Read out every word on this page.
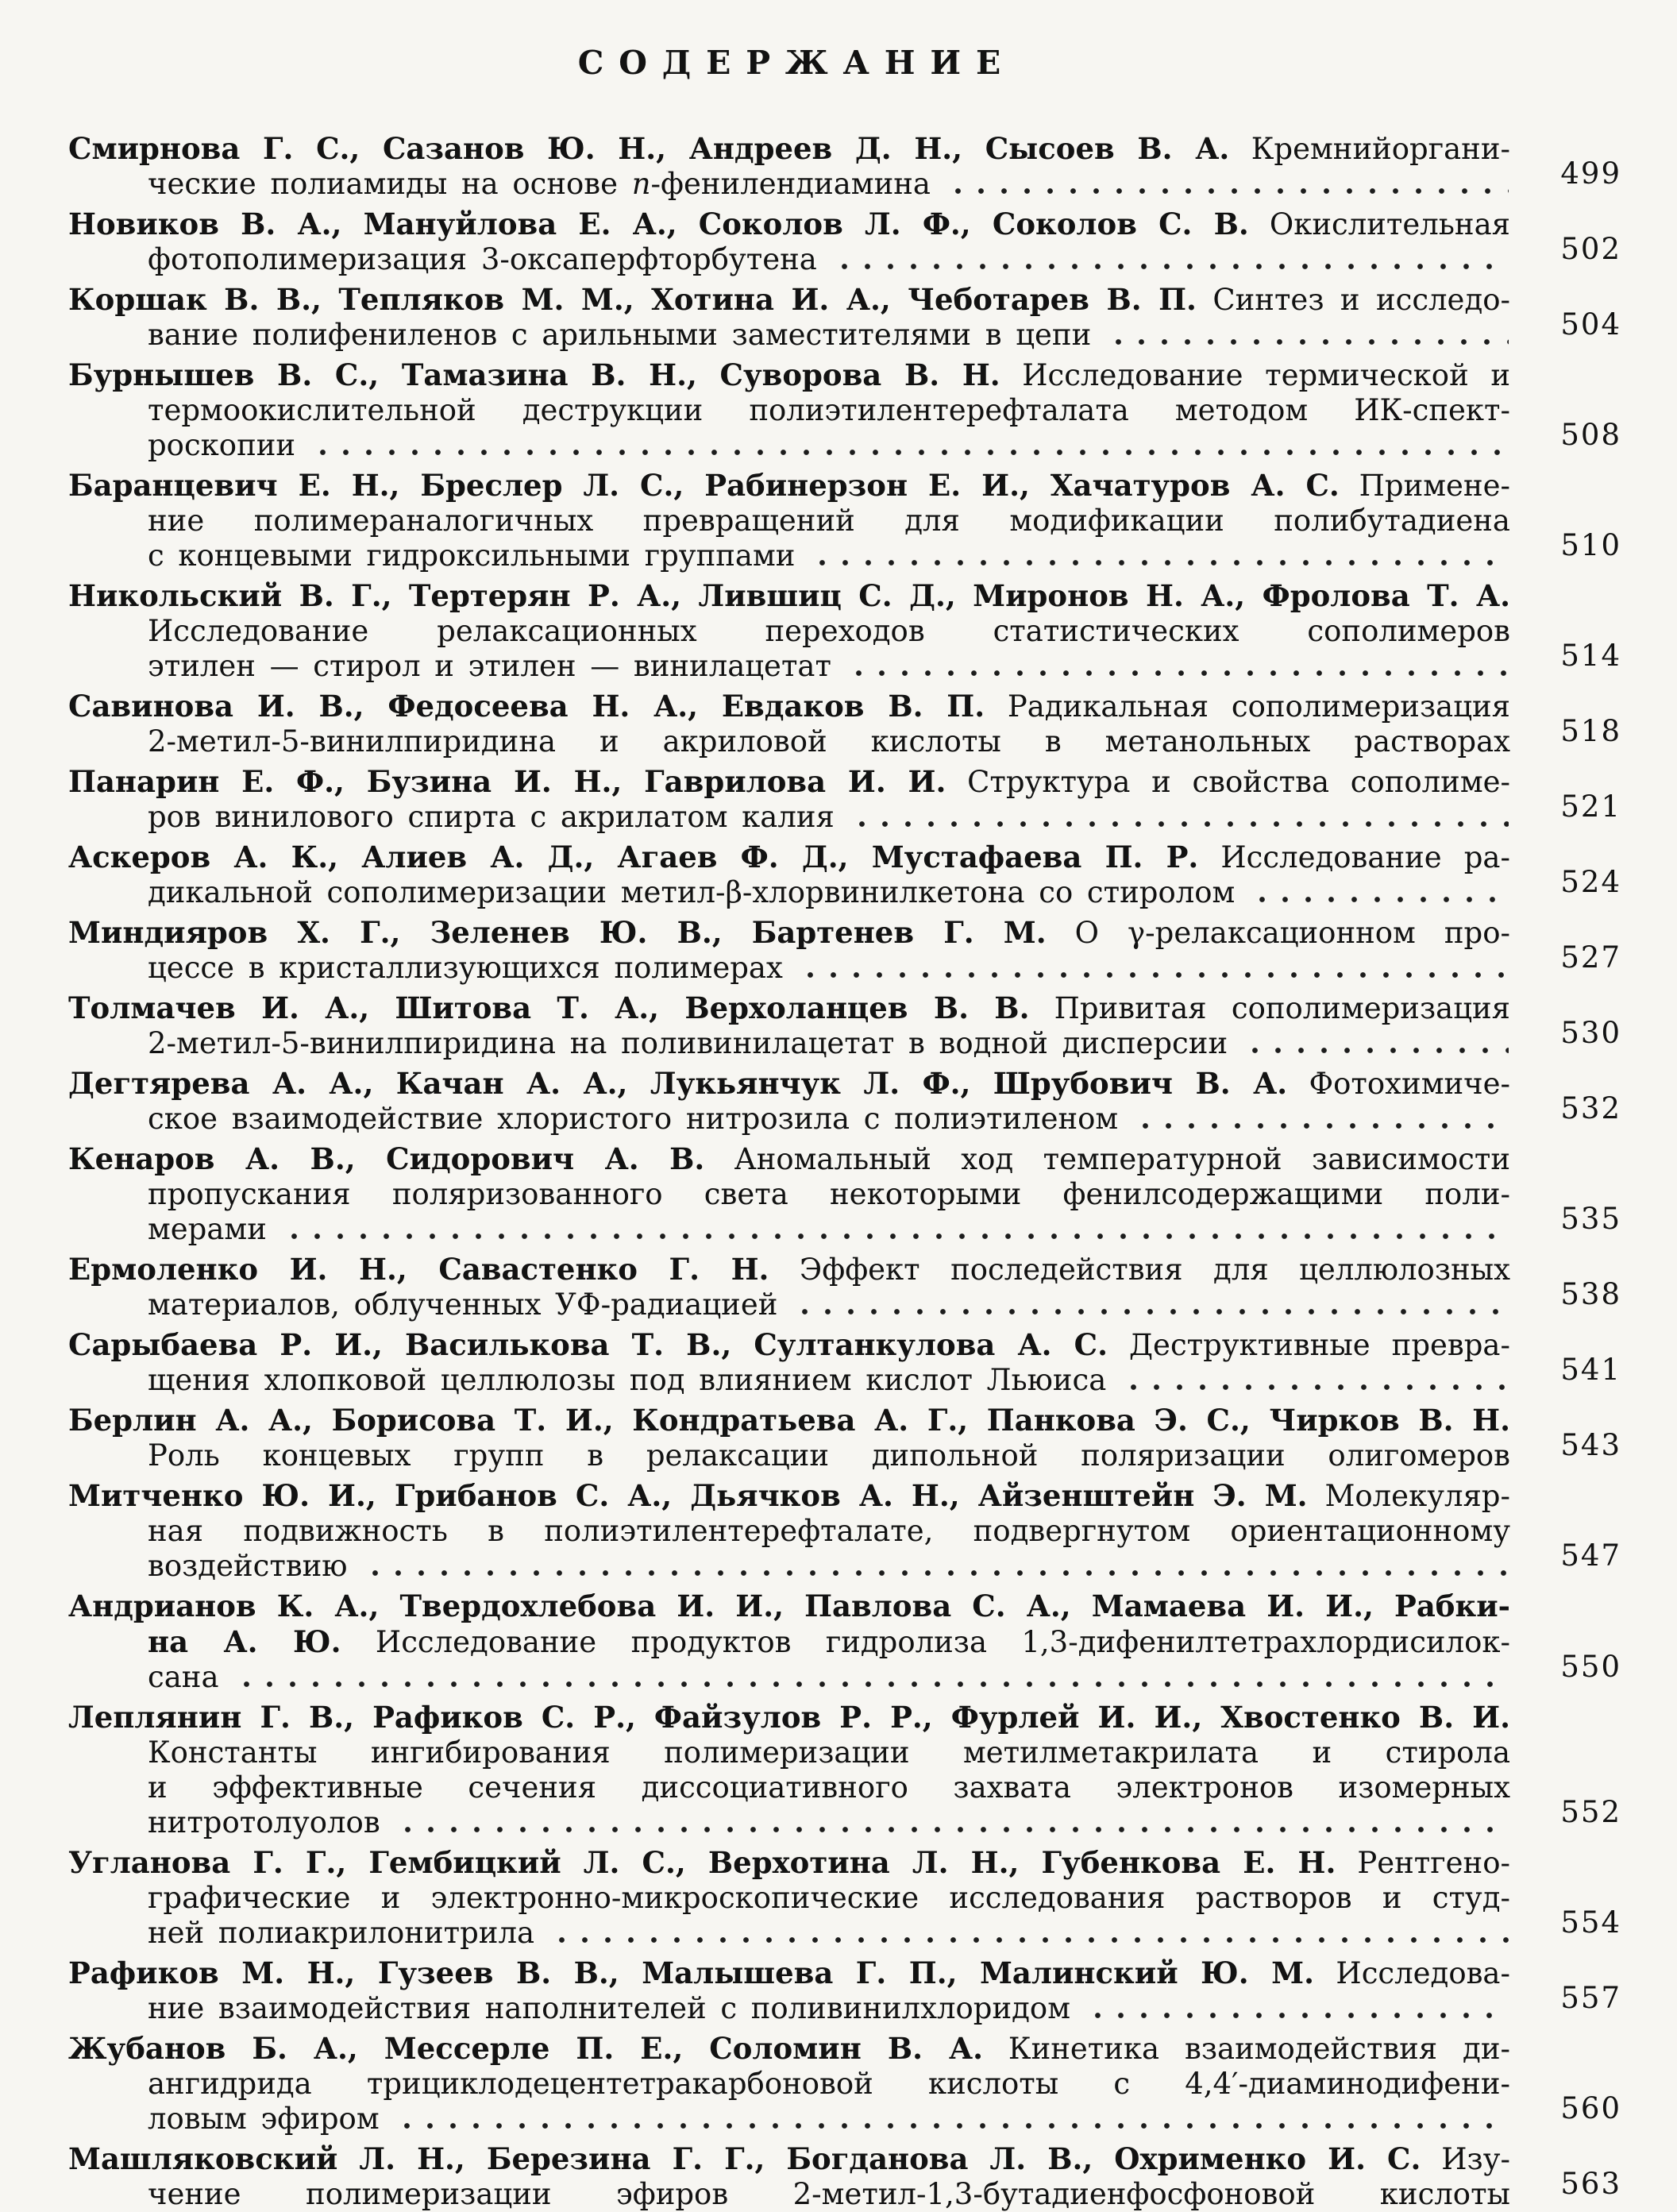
СОДЕРЖАНИЕ
Смирнова Г. С., Сазанов Ю. Н., Андреев Д. Н., Сысоев В. А. Кремнийоргани-
ческие полиамиды на основе n-фенилендиамина	499
Новиков В. А., Мануйлова Е. А., Соколов Л. Ф., Соколов С. В. Окислительная
фотополимеризация 3-оксаперфторбутена	502
Коршак В. В., Тепляков М. М., Хотина И. А., Чеботарев В. П. Синтез и исследо-
вание полифениленов с арильными заместителями в цепи	504
Бурнышев В. С., Тамазина В. Н., Суворова В. Н. Исследование термической и
термоокислительной деструкции полиэтилентерефталата методом ИК-спект-
роскопии	508
Баранцевич Е. Н., Бреслер Л. С., Рабинерзон Е. И., Хачатуров А. С. Примене-
ние полимераналогичных превращений для модификации полибутадиена
с концевыми гидроксильными группами	510
Никольский В. Г., Тертерян Р. А., Лившиц С. Д., Миронов Н. А., Фролова Т. А.
Исследование релаксационных переходов статистических сополимеров
этилен — стирол и этилен — винилацетат	514
Савинова И. В., Федосеева Н. А., Евдаков В. П. Радикальная сополимеризация
2-метил-5-винилпиридина и акриловой кислоты в метанольных растворах	518
Панарин Е. Ф., Бузина И. Н., Гаврилова И. И. Структура и свойства сополиме-
ров винилового спирта с акрилатом калия	521
Аскеров А. К., Алиев А. Д., Агаев Ф. Д., Мустафаева П. Р. Исследование ра-
дикальной сополимеризации метил-β-хлорвинилкетона со стиролом	524
Миндияров Х. Г., Зеленев Ю. В., Бартенев Г. М. О γ-релаксационном про-
цессе в кристаллизующихся полимерах	527
Толмачев И. А., Шитова Т. А., Верхоланцев В. В. Привитая сополимеризация
2-метил-5-винилпиридина на поливинилацетат в водной дисперсии	530
Дегтярева А. А., Качан А. А., Лукьянчук Л. Ф., Шрубович В. А. Фотохимиче-
ское взаимодействие хлористого нитрозила с полиэтиленом	532
Кенаров А. В., Сидорович А. В. Аномальный ход температурной зависимости
пропускания поляризованного света некоторыми фенилсодержащими поли-
мерами	535
Ермоленко И. Н., Савастенко Г. Н. Эффект последействия для целлюлозных
материалов, облученных УФ-радиацией	538
Сарыбаева Р. И., Василькова Т. В., Султанкулова А. С. Деструктивные превра-
щения хлопковой целлюлозы под влиянием кислот Льюиса	541
Берлин А. А., Борисова Т. И., Кондратьева А. Г., Панкова Э. С., Чирков В. Н.
Роль концевых групп в релаксации дипольной поляризации олигомеров	543
Митченко Ю. И., Грибанов С. А., Дьячков А. Н., Айзенштейн Э. М. Молекуляр-
ная подвижность в полиэтилентерефталате, подвергнутом ориентационному
воздействию	547
Андрианов К. А., Твердохлебова И. И., Павлова С. А., Мамаева И. И., Рабки-
на А. Ю. Исследование продуктов гидролиза 1,3-дифенилтетрахлордисилок-
сана	550
Леплянин Г. В., Рафиков С. Р., Файзулов Р. Р., Фурлей И. И., Хвостенко В. И.
Константы ингибирования полимеризации метилметакрилата и стирола
и эффективные сечения диссоциативного захвата электронов изомерных
нитротолуолов	552
Угланова Г. Г., Гембицкий Л. С., Верхотина Л. Н., Губенкова Е. Н. Рентгено-
графические и электронно-микроскопические исследования растворов и студ-
ней полиакрилонитрила	554
Рафиков М. Н., Гузеев В. В., Малышева Г. П., Малинский Ю. М. Исследова-
ние взаимодействия наполнителей с поливинилхлоридом	557
Жубанов Б. А., Мессерле П. Е., Соломин В. А. Кинетика взаимодействия ди-
ангидрида трициклодецентетракарбоновой кислоты с 4,4′-диаминодифени-
ловым эфиром	560
Машляковский Л. Н., Березина Г. Г., Богданова Л. В., Охрименко И. С. Изу-
чение полимеризации эфиров 2-метил-1,3-бутадиенфосфоновой кислоты	563
